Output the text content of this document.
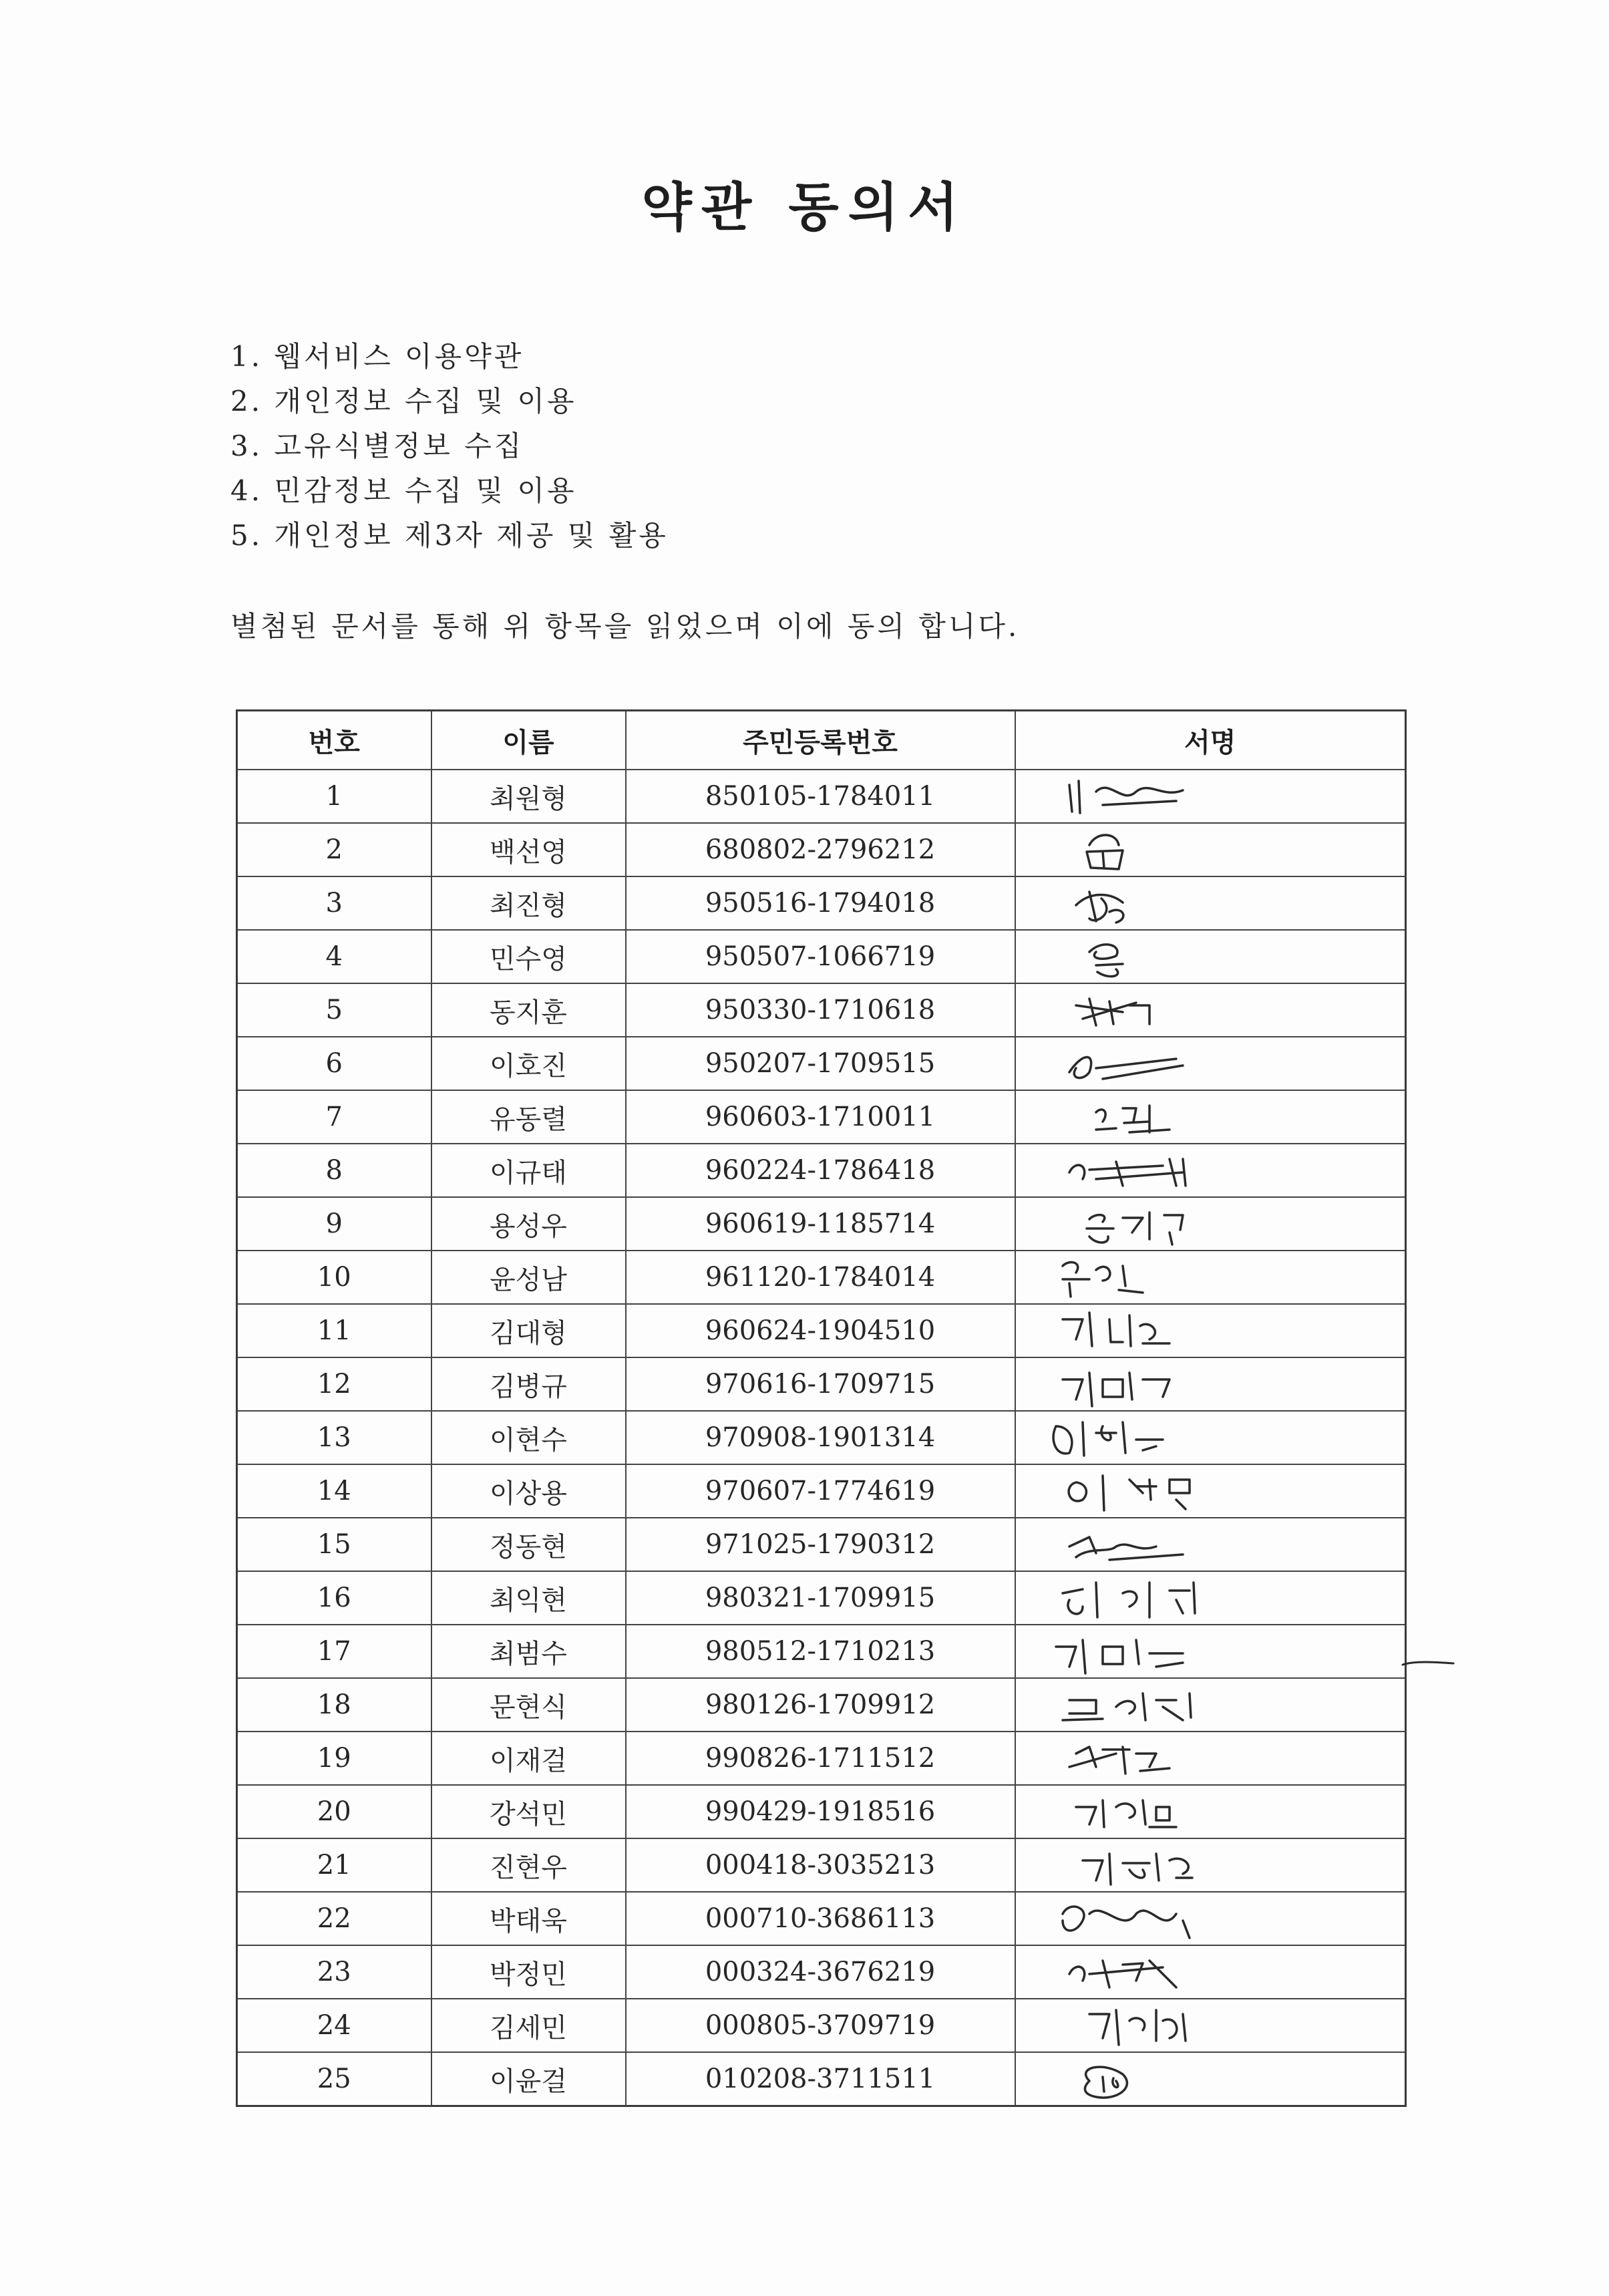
약관 동의서
1. 웹서비스 이용약관
2. 개인정보 수집 및 이용
3. 고유식별정보 수집
4. 민감정보 수집 및 이용
5. 개인정보 제3자 제공 및 활용
별첨된 문서를 통해 위 항목을 읽었으며 이에 동의 합니다.
번호	이름	주민등록번호	서명
1	최원형	850105-1784011	

2	백선영	680802-2796212	

3	최진형	950516-1794018	

4	민수영	950507-1066719	

5	동지훈	950330-1710618	

6	이호진	950207-1709515	

7	유동렬	960603-1710011	

8	이규태	960224-1786418	

9	용성우	960619-1185714	

10	윤성남	961120-1784014	

11	김대형	960624-1904510	

12	김병규	970616-1709715	

13	이현수	970908-1901314	

14	이상용	970607-1774619	

15	정동현	971025-1790312	

16	최익현	980321-1709915	

17	최범수	980512-1710213	

18	문현식	980126-1709912	

19	이재걸	990826-1711512	

20	강석민	990429-1918516	

21	진현우	000418-3035213	

22	박태욱	000710-3686113	

23	박정민	000324-3676219	

24	김세민	000805-3709719	

25	이윤걸	010208-3711511	
